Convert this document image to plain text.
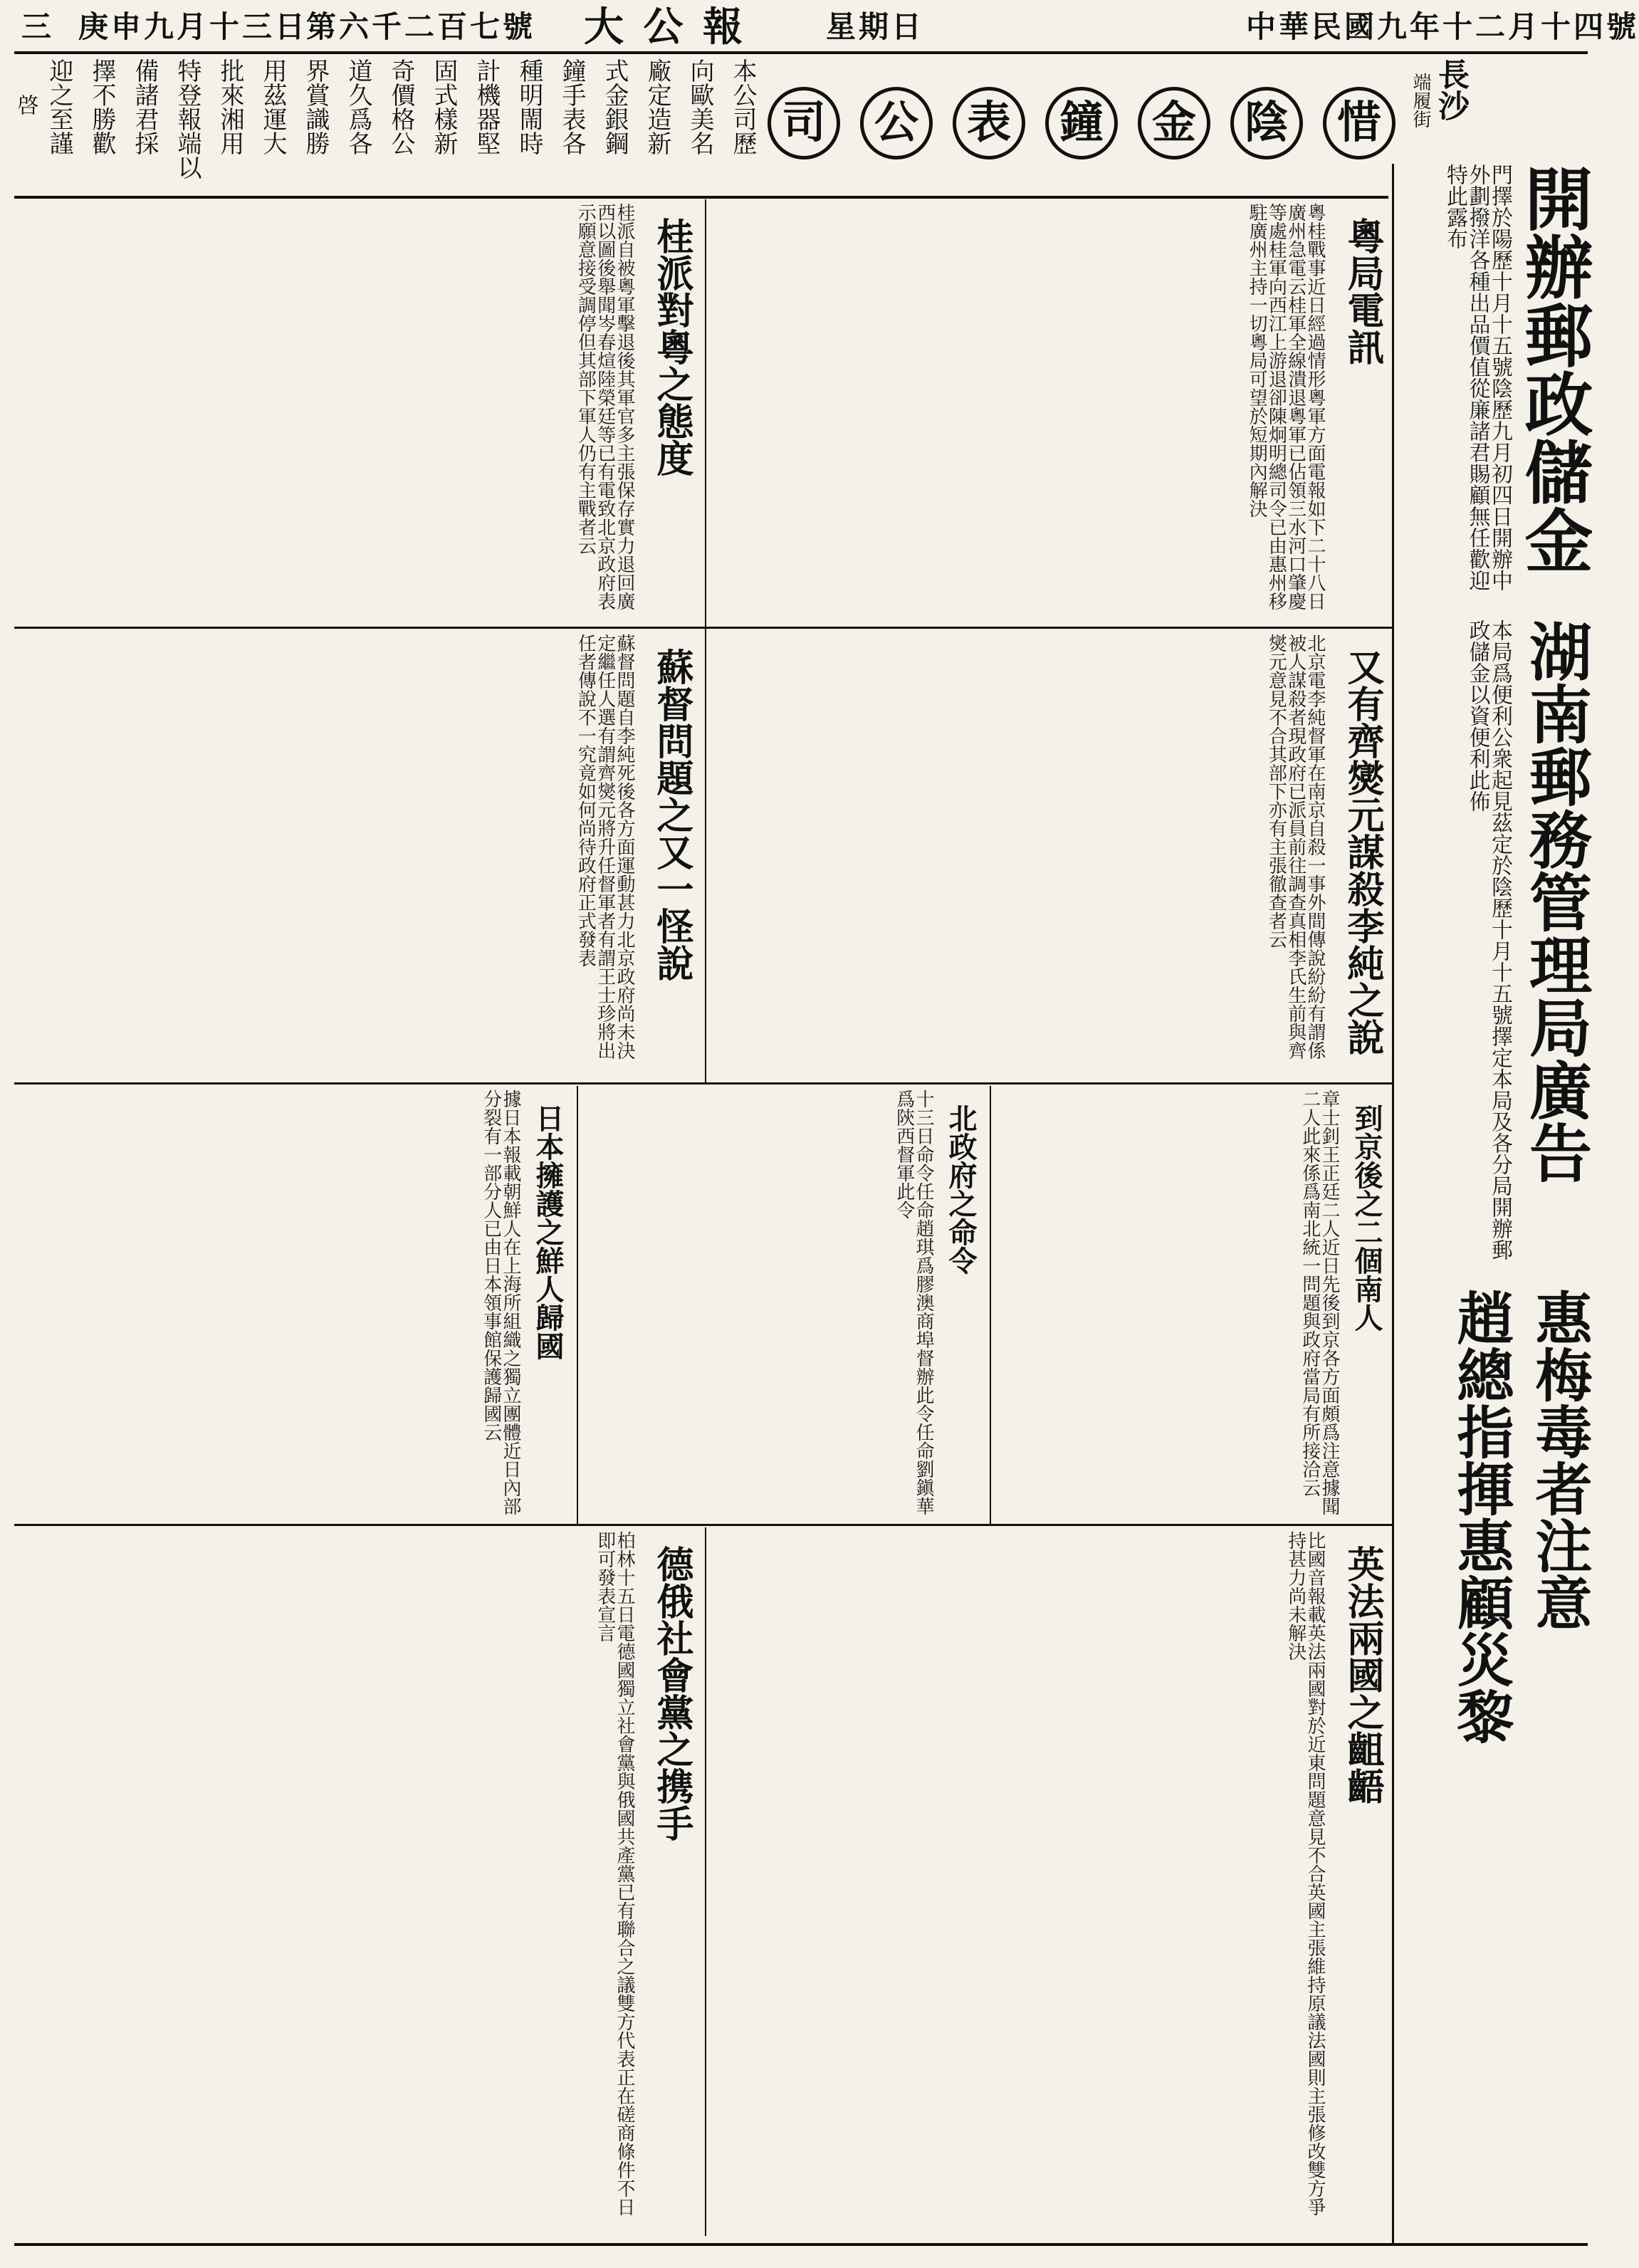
中華民國九年十二月十四號
星期日
大 公 報
第六千二百七號
庚申九月十三日
三
長沙
端履街
惜
陰
金
鐘
表
公
司
本公司歷
向歐美名
廠定造新
式金銀鋼
鐘手表各
種明閙時
計機器堅
固式樣新
奇價格公
道久爲各
界賞識勝
用茲運大
批來湘用
特登報端以
備諸君採
擇不勝歡
迎之至謹
啓
開辦郵政儲金
門擇於陽歷十月十五號陰歷九月初四日開辦中外劃撥洋各種出品價值從廉諸君賜顧無任歡迎特此露布
湖南郵務管理局廣告
本局爲便利公衆起見茲定於陰歷十月十五號擇定本局及各分局開辦郵政儲金以資便利此佈
惠梅毒者注意
趙總指揮惠顧災黎
粵局電訊
粵桂戰事近日經過情形粵軍方面電報如下二十八日廣州急電云桂軍全線潰退粵軍已佔領三水河口肇慶等處桂軍向西江上游退卻陳炯明總司令已由惠州移駐廣州主持一切粵局可望於短期內解決
桂派對粵之態度
桂派自被粵軍擊退後其軍官多主張保存實力退回廣西以圖後舉聞岑春煊陸榮廷等已有電致北京政府表示願意接受調停但其部下軍人仍有主戰者云
又有齊爕元謀殺李純之說
北京電李純督軍在南京自殺一事外間傳說紛紛有謂係被人謀殺者現政府已派員前往調查真相李氏生前與齊爕元意見不合其部下亦有主張徹查者云
蘇督問題之又一怪說
蘇督問題自李純死後各方面運動甚力北京政府尚未決定繼任人選有謂齊爕元將升任督軍者有謂王士珍將出任者傳說不一究竟如何尚待政府正式發表
到京後之二個南人
章士釗王正廷二人近日先後到京各方面頗爲注意據聞二人此來係爲南北統一問題與政府當局有所接洽云
北政府之命令
十三日命令任命趙琪爲膠澳商埠督辦此令任命劉鎭華爲陝西督軍此令
日本擁護之鮮人歸國
據日本報載朝鮮人在上海所組織之獨立團體近日內部分裂有一部分人已由日本領事館保護歸國云
英法兩國之齟齬
比國音報載英法兩國對於近東問題意見不合英國主張維持原議法國則主張修改雙方爭持甚力尚未解決
德俄社會黨之携手
柏林十五日電德國獨立社會黨與俄國共產黨已有聯合之議雙方代表正在磋商條件不日即可發表宣言
